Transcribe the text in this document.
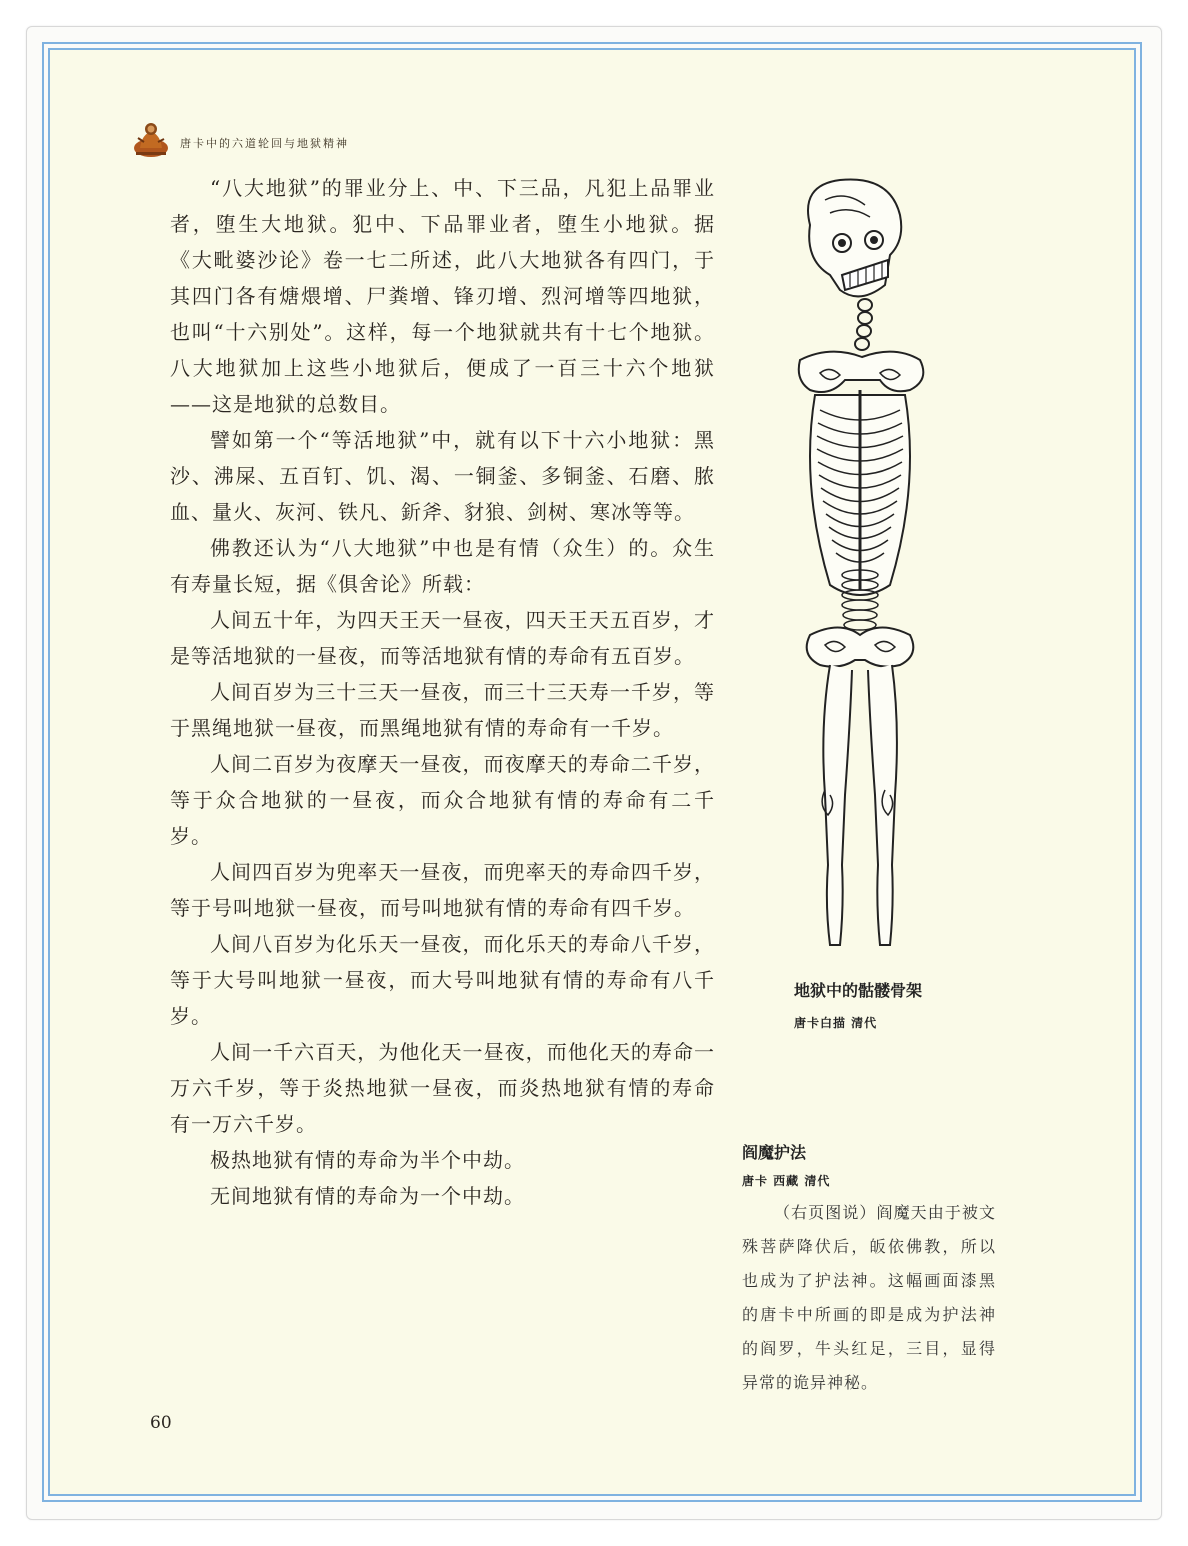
唐卡中的六道轮回与地狱精神

“八大地狱”的罪业分上、中、下三品，凡犯上品罪业者，堕生大地狱。犯中、下品罪业者，堕生小地狱。据《大毗婆沙论》卷一七二所述，此八大地狱各有四门，于其四门各有煻煨增、尸粪增、锋刃增、烈河增等四地狱，也叫“十六别处”。这样，每一个地狱就共有十七个地狱。八大地狱加上这些小地狱后，便成了一百三十六个地狱——这是地狱的总数目。

譬如第一个“等活地狱”中，就有以下十六小地狱：黑沙、沸屎、五百钉、饥、渴、一铜釜、多铜釜、石磨、脓血、量火、灰河、铁凡、釿斧、豺狼、剑树、寒冰等等。

佛教还认为“八大地狱”中也是有情（众生）的。众生有寿量长短，据《俱舍论》所载：

人间五十年，为四天王天一昼夜，四天王天五百岁，才是等活地狱的一昼夜，而等活地狱有情的寿命有五百岁。

人间百岁为三十三天一昼夜，而三十三天寿一千岁，等于黑绳地狱一昼夜，而黑绳地狱有情的寿命有一千岁。

人间二百岁为夜摩天一昼夜，而夜摩天的寿命二千岁，等于众合地狱的一昼夜，而众合地狱有情的寿命有二千岁。

人间四百岁为兜率天一昼夜，而兜率天的寿命四千岁，等于号叫地狱一昼夜，而号叫地狱有情的寿命有四千岁。

人间八百岁为化乐天一昼夜，而化乐天的寿命八千岁，等于大号叫地狱一昼夜，而大号叫地狱有情的寿命有八千岁。

人间一千六百天，为他化天一昼夜，而他化天的寿命一万六千岁，等于炎热地狱一昼夜，而炎热地狱有情的寿命有一万六千岁。

极热地狱有情的寿命为半个中劫。

无间地狱有情的寿命为一个中劫。

60
地狱中的骷髅骨架
唐卡白描 清代
阎魔护法
唐卡 西藏 清代

（右页图说）阎魔天由于被文殊菩萨降伏后，皈依佛教，所以也成为了护法神。这幅画面漆黑的唐卡中所画的即是成为护法神的阎罗，牛头红足，三目，显得异常的诡异神秘。
